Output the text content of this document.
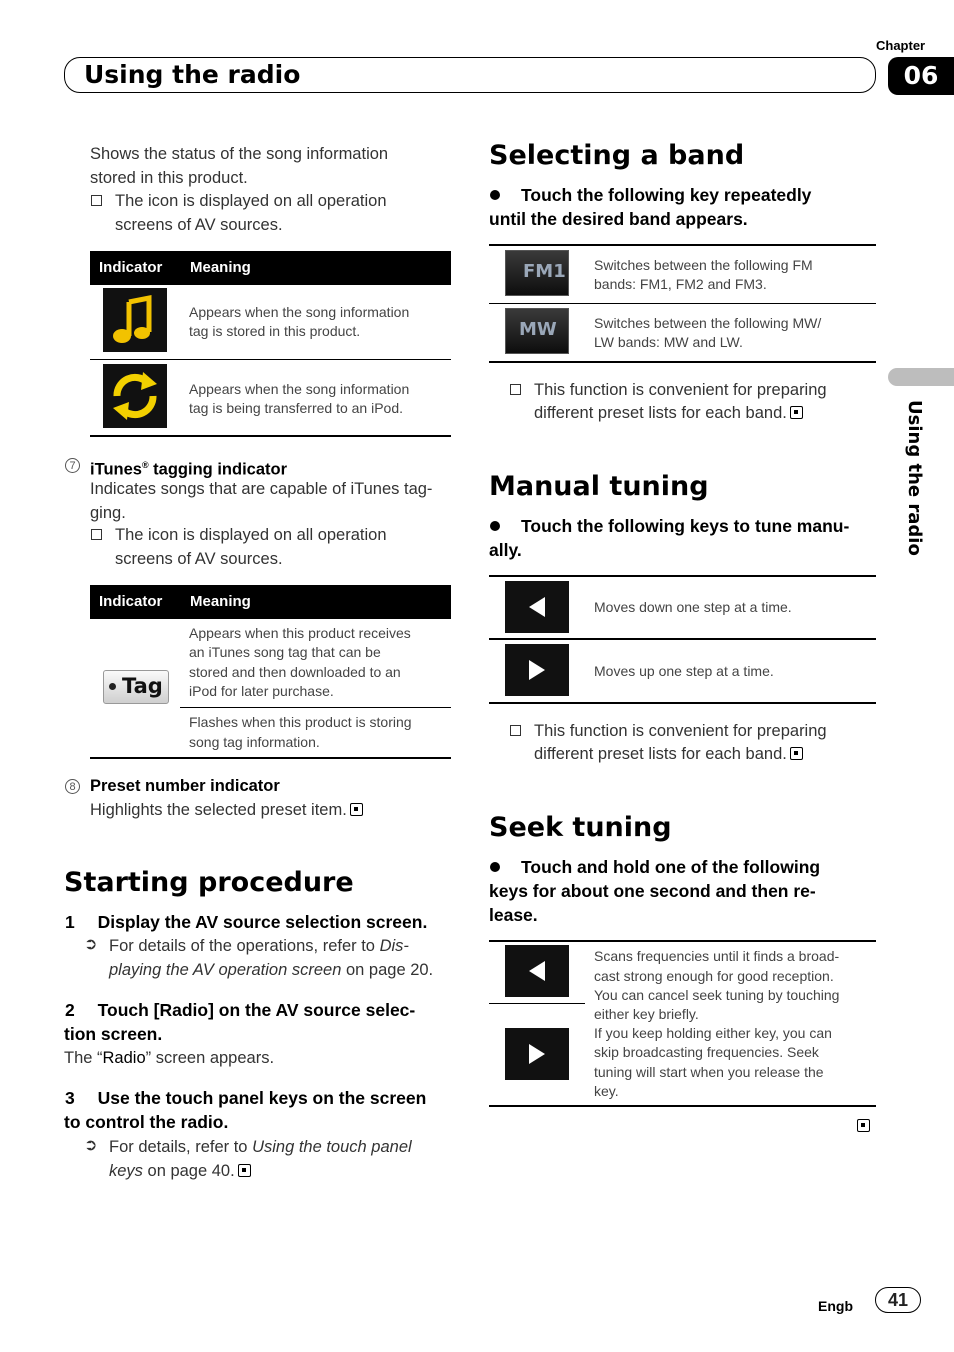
Chapter
Using the radio	06
Using the radio
Shows the status of the song information
stored in this product.
The icon is displayed on all operation
screens of AV sources.
Indicator Meaning
Appears when the song information
tag is stored in this product.
Appears when the song information
tag is being transferred to an iPod.
7 iTunes® tagging indicator
Indicates songs that are capable of iTunes tag-
ging.
The icon is displayed on all operation
screens of AV sources.
Indicator Meaning
Tag
Appears when this product receives
an iTunes song tag that can be
stored and then downloaded to an
iPod for later purchase.
Flashes when this product is storing
song tag information.
8 Preset number indicator
Highlights the selected preset item.
Starting procedure
1 Display the AV source selection screen.
➲ For details of the operations, refer to Dis-
playing the AV operation screen on page 20.
2 Touch [Radio] on the AV source selec-
tion screen.
The “Radio” screen appears.
3 Use the touch panel keys on the screen
to control the radio.
➲ For details, refer to Using the touch panel
keys on page 40.
Selecting a band
Touch the following key repeatedly
until the desired band appears.
FM1 Switches between the following FM
bands: FM1, FM2 and FM3.
MW	Switches between the following MW/
LW bands: MW and LW.
This function is convenient for preparing
different preset lists for each band.
Manual tuning
Touch the following keys to tune manu-
ally.
Moves down one step at a time.
Moves up one step at a time.
This function is convenient for preparing
different preset lists for each band.
Seek tuning
Touch and hold one of the following
keys for about one second and then re-
lease.
Scans frequencies until it finds a broad-
cast strong enough for good reception.
You can cancel seek tuning by touching
either key briefly.
If you keep holding either key, you can
skip broadcasting frequencies. Seek
tuning will start when you release the
key.
Engb	41
